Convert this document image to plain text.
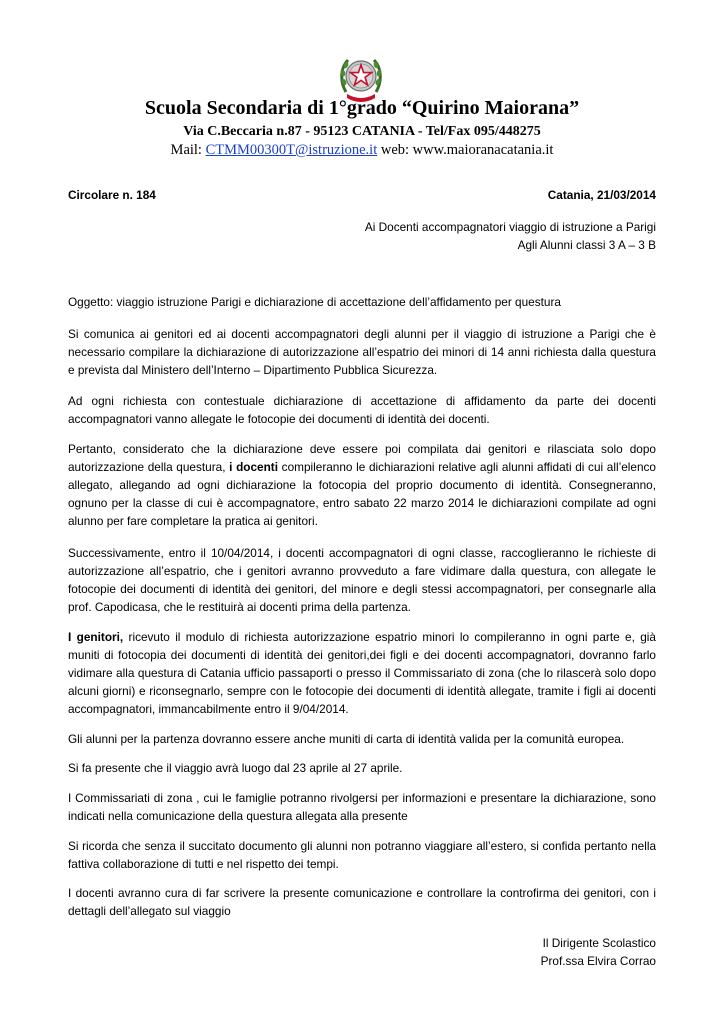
Scuola Secondaria di 1°grado “Quirino Maiorana”
Via C.Beccaria n.87 - 95123 CATANIA - Tel/Fax 095/448275
Mail: CTMM00300T@istruzione.it web: www.maioranacatania.it
Circolare n. 184	Catania, 21/03/2014
Ai Docenti accompagnatori viaggio di istruzione a Parigi
Agli Alunni classi 3 A – 3 B

Oggetto: viaggio istruzione Parigi e dichiarazione di accettazione dell’affidamento per questura

Si comunica ai genitori ed ai docenti accompagnatori degli alunni per il viaggio di istruzione a Parigi che è necessario compilare la dichiarazione di autorizzazione all’espatrio dei minori di 14 anni richiesta dalla questura e prevista dal Ministero dell’Interno – Dipartimento Pubblica Sicurezza.

Ad ogni richiesta con contestuale dichiarazione di accettazione di affidamento da parte dei docenti accompagnatori vanno allegate le fotocopie dei documenti di identità dei docenti.

Pertanto, considerato che la dichiarazione deve essere poi compilata dai genitori e rilasciata solo dopo autorizzazione della questura, i docenti compileranno le dichiarazioni relative agli alunni affidati di cui all’elenco allegato, allegando ad ogni dichiarazione la fotocopia del proprio documento di identità. Consegneranno, ognuno per la classe di cui è accompagnatore, entro sabato 22 marzo 2014 le dichiarazioni compilate ad ogni alunno per fare completare la pratica ai genitori.

Successivamente, entro il 10/04/2014, i docenti accompagnatori di ogni classe, raccoglieranno le richieste di autorizzazione all’espatrio, che i genitori avranno provveduto a fare vidimare dalla questura, con allegate le fotocopie dei documenti di identità dei genitori, del minore e degli stessi accompagnatori, per consegnarle alla prof. Capodicasa, che le restituirà ai docenti prima della partenza.

I genitori, ricevuto il modulo di richiesta autorizzazione espatrio minori lo compileranno in ogni parte e, già muniti di fotocopia dei documenti di identità dei genitori,dei figli e dei docenti accompagnatori, dovranno farlo vidimare alla questura di Catania ufficio passaporti o presso il Commissariato di zona (che lo rilascerà solo dopo alcuni giorni) e riconsegnarlo, sempre con le fotocopie dei documenti di identità allegate, tramite i figli ai docenti accompagnatori, immancabilmente entro il 9/04/2014.

Gli alunni per la partenza dovranno essere anche muniti di carta di identità valida per la comunità europea.

Si fa presente che il viaggio avrà luogo dal 23 aprile al 27 aprile.

I Commissariati di zona , cui le famiglie potranno rivolgersi per informazioni e presentare la dichiarazione, sono indicati nella comunicazione della questura allegata alla presente

Si ricorda che senza il succitato documento gli alunni non potranno viaggiare all’estero, si confida pertanto nella fattiva collaborazione di tutti e nel rispetto dei tempi.

I docenti avranno cura di far scrivere la presente comunicazione e controllare la controfirma dei genitori, con i dettagli dell’allegato sul viaggio

Il Dirigente Scolastico
Prof.ssa Elvira Corrao
